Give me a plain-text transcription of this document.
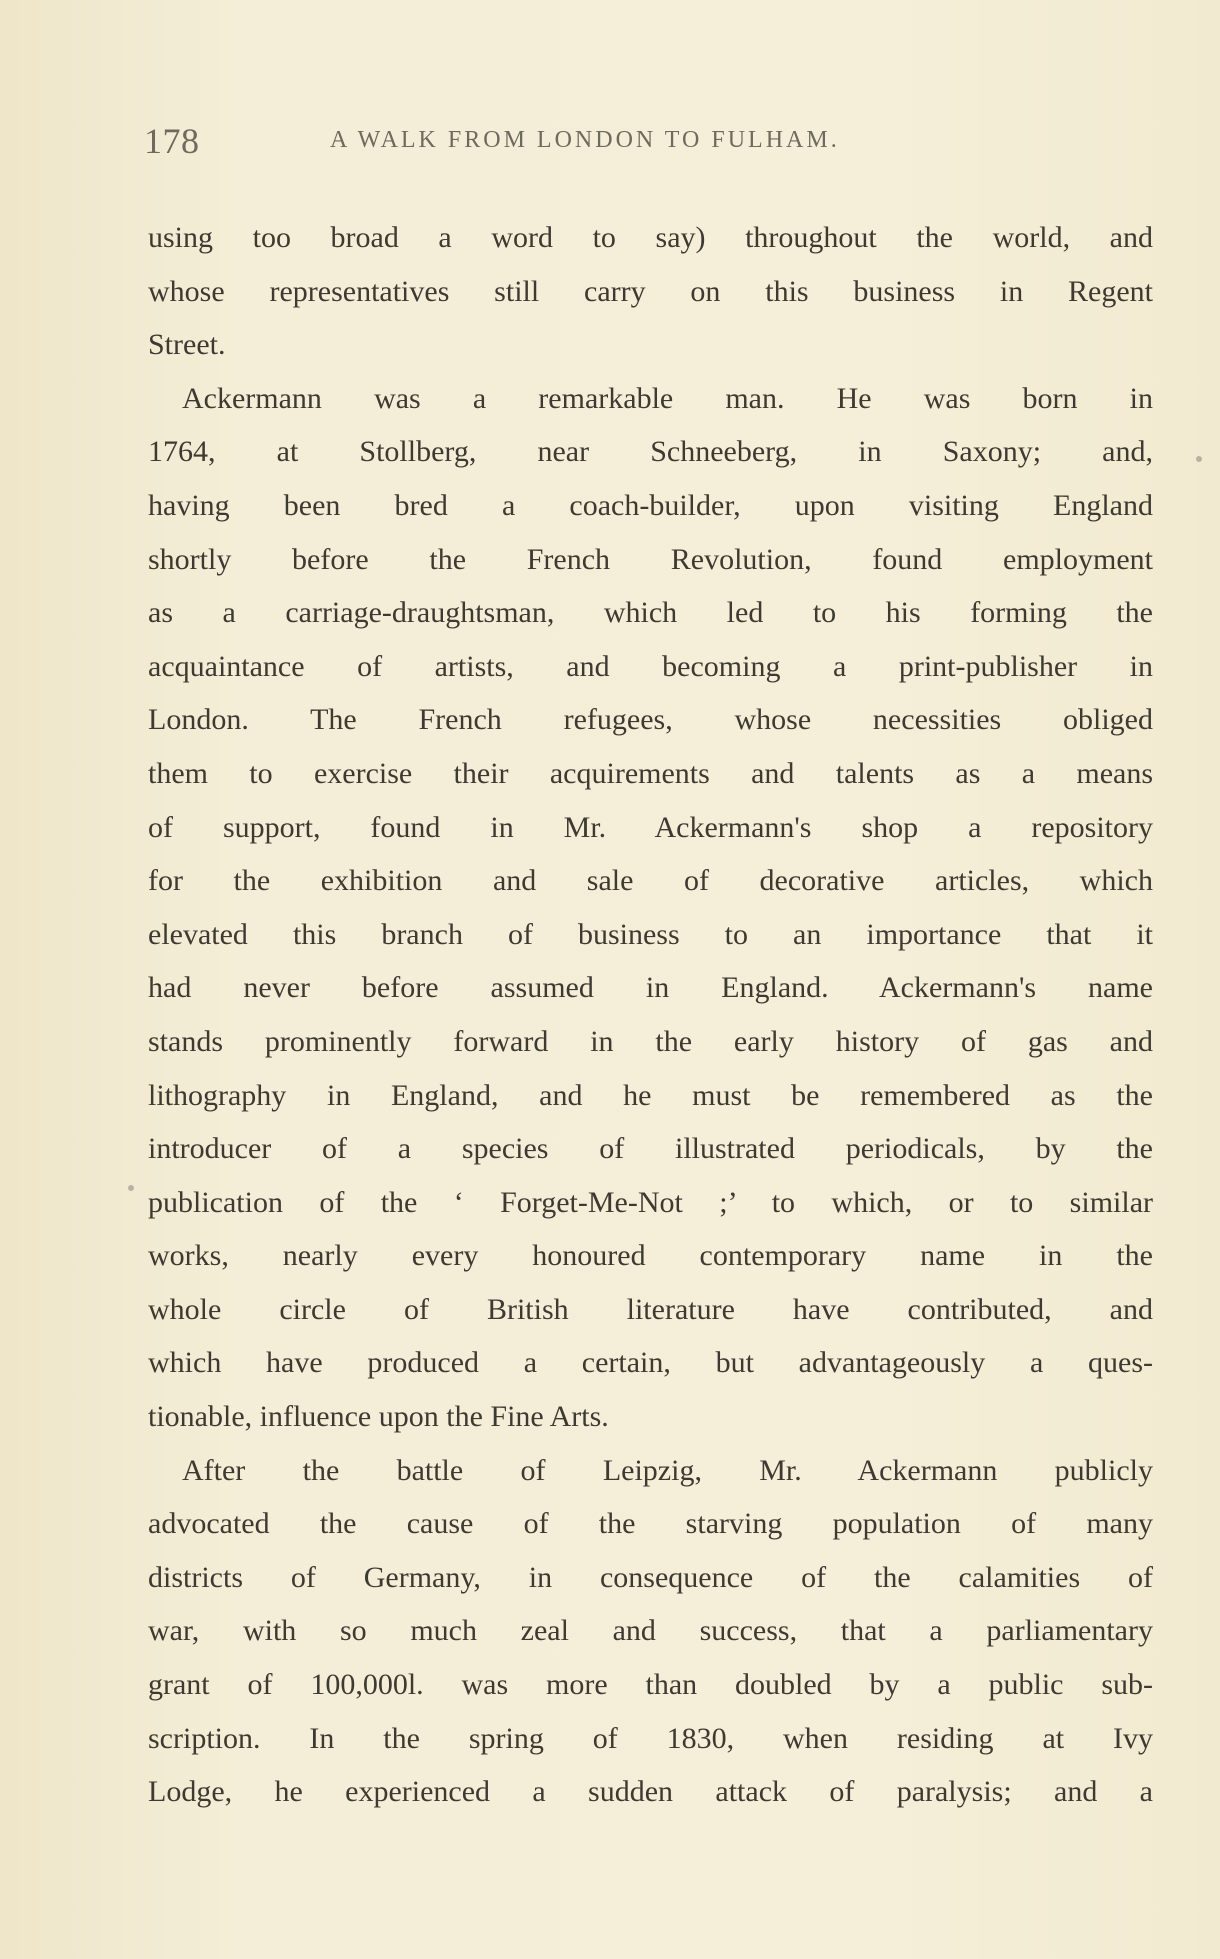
178	A WALK FROM LONDON TO FULHAM.
using too broad a word to say) throughout the world, and
whose representatives still carry on this business in Regent
Street.
Ackermann was a remarkable man. He was born in
1764, at Stollberg, near Schneeberg, in Saxony; and,
having been bred a coach-builder, upon visiting England
shortly before the French Revolution, found employment
as a carriage-draughtsman, which led to his forming the
acquaintance of artists, and becoming a print-publisher in
London. The French refugees, whose necessities obliged
them to exercise their acquirements and talents as a means
of support, found in Mr. Ackermann's shop a repository
for the exhibition and sale of decorative articles, which
elevated this branch of business to an importance that it
had never before assumed in England. Ackermann's name
stands prominently forward in the early history of gas and
lithography in England, and he must be remembered as the
introducer of a species of illustrated periodicals, by the
publication of the ‘ Forget-Me-Not ;’ to which, or to similar
works, nearly every honoured contemporary name in the
whole circle of British literature have contributed, and
which have produced a certain, but advantageously a ques-
tionable, influence upon the Fine Arts.
After the battle of Leipzig, Mr. Ackermann publicly
advocated the cause of the starving population of many
districts of Germany, in consequence of the calamities of
war, with so much zeal and success, that a parliamentary
grant of 100,000l. was more than doubled by a public sub-
scription. In the spring of 1830, when residing at Ivy
Lodge, he experienced a sudden attack of paralysis; and a
